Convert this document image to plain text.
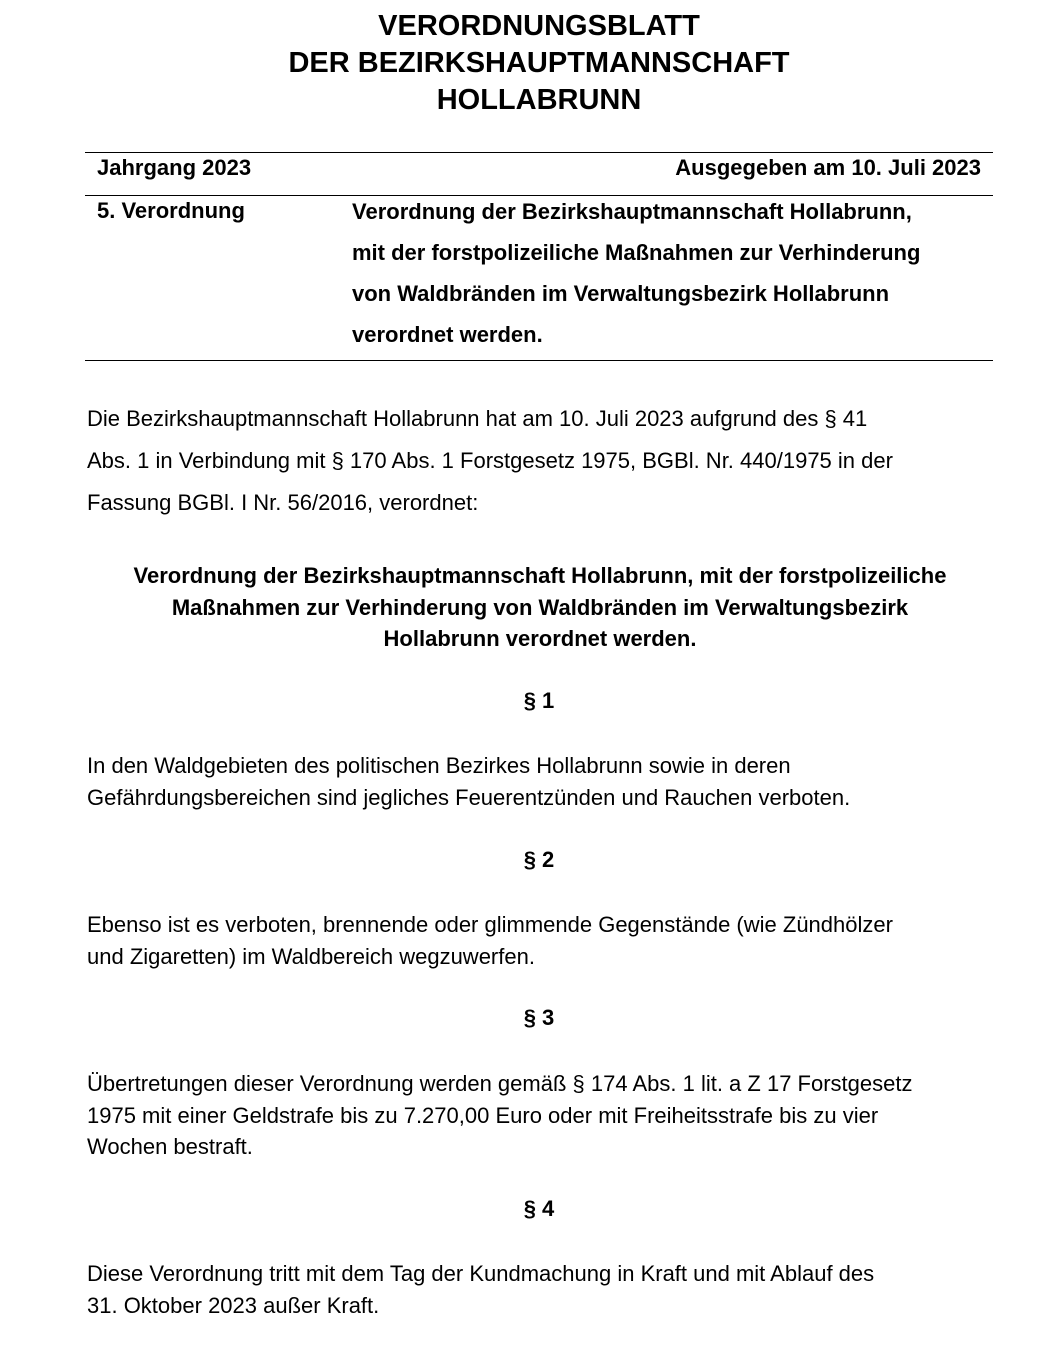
VERORDNUNGSBLATT
DER BEZIRKSHAUPTMANNSCHAFT
HOLLABRUNN
Jahrgang 2023	Ausgegeben am 10. Juli 2023
5. Verordnung	Verordnung der Bezirkshauptmannschaft Hollabrunn,
mit der forstpolizeiliche Maßnahmen zur Verhinderung
von Waldbränden im Verwaltungsbezirk Hollabrunn
verordnet werden.
Die Bezirkshauptmannschaft Hollabrunn hat am 10. Juli 2023 aufgrund des § 41
Abs. 1 in Verbindung mit § 170 Abs. 1 Forstgesetz 1975, BGBl. Nr. 440/1975 in der
Fassung BGBl. I Nr. 56/2016, verordnet:
Verordnung der Bezirkshauptmannschaft Hollabrunn, mit der forstpolizeiliche
Maßnahmen zur Verhinderung von Waldbränden im Verwaltungsbezirk
Hollabrunn verordnet werden.
§ 1
In den Waldgebieten des politischen Bezirkes Hollabrunn sowie in deren
Gefährdungsbereichen sind jegliches Feuerentzünden und Rauchen verboten.
§ 2
Ebenso ist es verboten, brennende oder glimmende Gegenstände (wie Zündhölzer
und Zigaretten) im Waldbereich wegzuwerfen.
§ 3
Übertretungen dieser Verordnung werden gemäß § 174 Abs. 1 lit. a Z 17 Forstgesetz
1975 mit einer Geldstrafe bis zu 7.270,00 Euro oder mit Freiheitsstrafe bis zu vier
Wochen bestraft.
§ 4
Diese Verordnung tritt mit dem Tag der Kundmachung in Kraft und mit Ablauf des
31. Oktober 2023 außer Kraft.
